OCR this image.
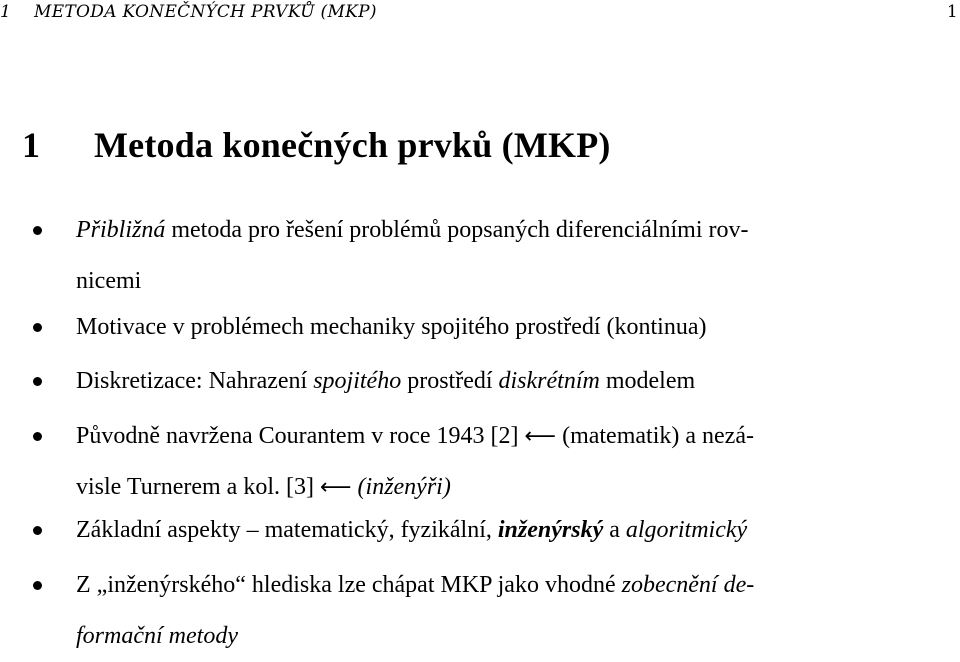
1 METODA KONEČNÝCH PRVKŮ (MKP)	1
1 Metoda konečných prvků (MKP)
Přibližná metoda pro řešení problémů popsaných diferenciálními rov-
nicemi
Motivace v problémech mechaniky spojitého prostředí (kontinua)
Diskretizace: Nahrazení spojitého prostředí diskrétním modelem
Původně navržena Courantem v roce 1943 [2] ⟵ (matematik) a nezá-
visle Turnerem a kol. [3] ⟵ (inženýři)
Základní aspekty – matematický, fyzikální, inženýrský a algoritmický
Z „inženýrského“ hlediska lze chápat MKP jako vhodné zobecnění de-
formační metody
